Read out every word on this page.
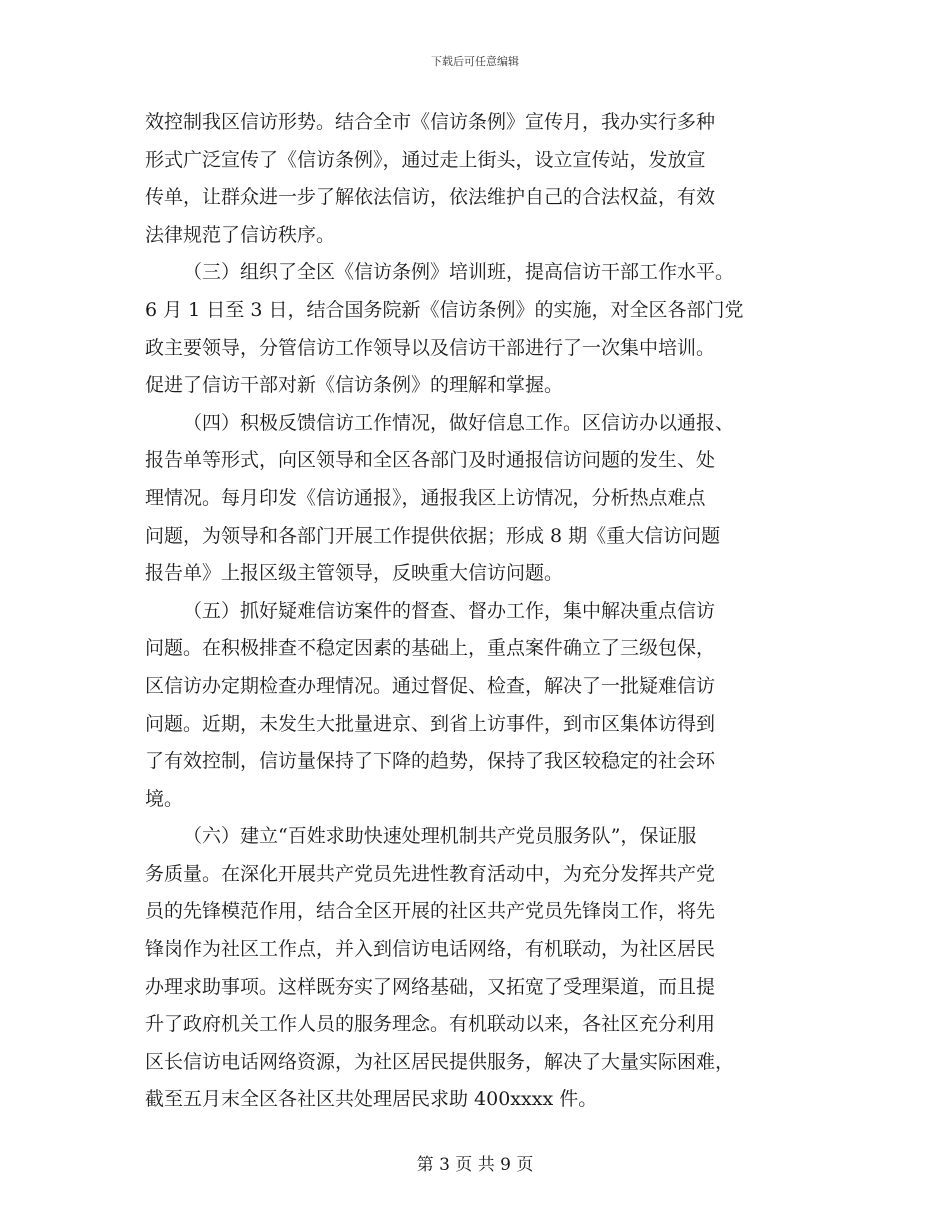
下载后可任意编辑
效控制我区信访形势。结合全市《信访条例》宣传月，我办实行多种
形式广泛宣传了《信访条例》，通过走上街头，设立宣传站，发放宣
传单，让群众进一步了解依法信访，依法维护自己的合法权益，有效
法律规范了信访秩序。
（三）组织了全区《信访条例》培训班，提高信访干部工作水平。
6 月 1 日至 3 日，结合国务院新《信访条例》的实施，对全区各部门党
政主要领导，分管信访工作领导以及信访干部进行了一次集中培训。
促进了信访干部对新《信访条例》的理解和掌握。
（四）积极反馈信访工作情况，做好信息工作。区信访办以通报、
报告单等形式，向区领导和全区各部门及时通报信访问题的发生、处
理情况。每月印发《信访通报》，通报我区上访情况，分析热点难点
问题，为领导和各部门开展工作提供依据；形成 8 期《重大信访问题
报告单》上报区级主管领导，反映重大信访问题。
（五）抓好疑难信访案件的督查、督办工作，集中解决重点信访
问题。在积极排查不稳定因素的基础上，重点案件确立了三级包保，
区信访办定期检查办理情况。通过督促、检查，解决了一批疑难信访
问题。近期，未发生大批量进京、到省上访事件，到市区集体访得到
了有效控制，信访量保持了下降的趋势，保持了我区较稳定的社会环
境。
（六）建立“百姓求助快速处理机制共产党员服务队”，保证服
务质量。在深化开展共产党员先进性教育活动中，为充分发挥共产党
员的先锋模范作用，结合全区开展的社区共产党员先锋岗工作，将先
锋岗作为社区工作点，并入到信访电话网络，有机联动，为社区居民
办理求助事项。这样既夯实了网络基础，又拓宽了受理渠道，而且提
升了政府机关工作人员的服务理念。有机联动以来，各社区充分利用
区长信访电话网络资源，为社区居民提供服务，解决了大量实际困难，
截至五月末全区各社区共处理居民求助 400xxxx 件。
第 3 页 共 9 页
